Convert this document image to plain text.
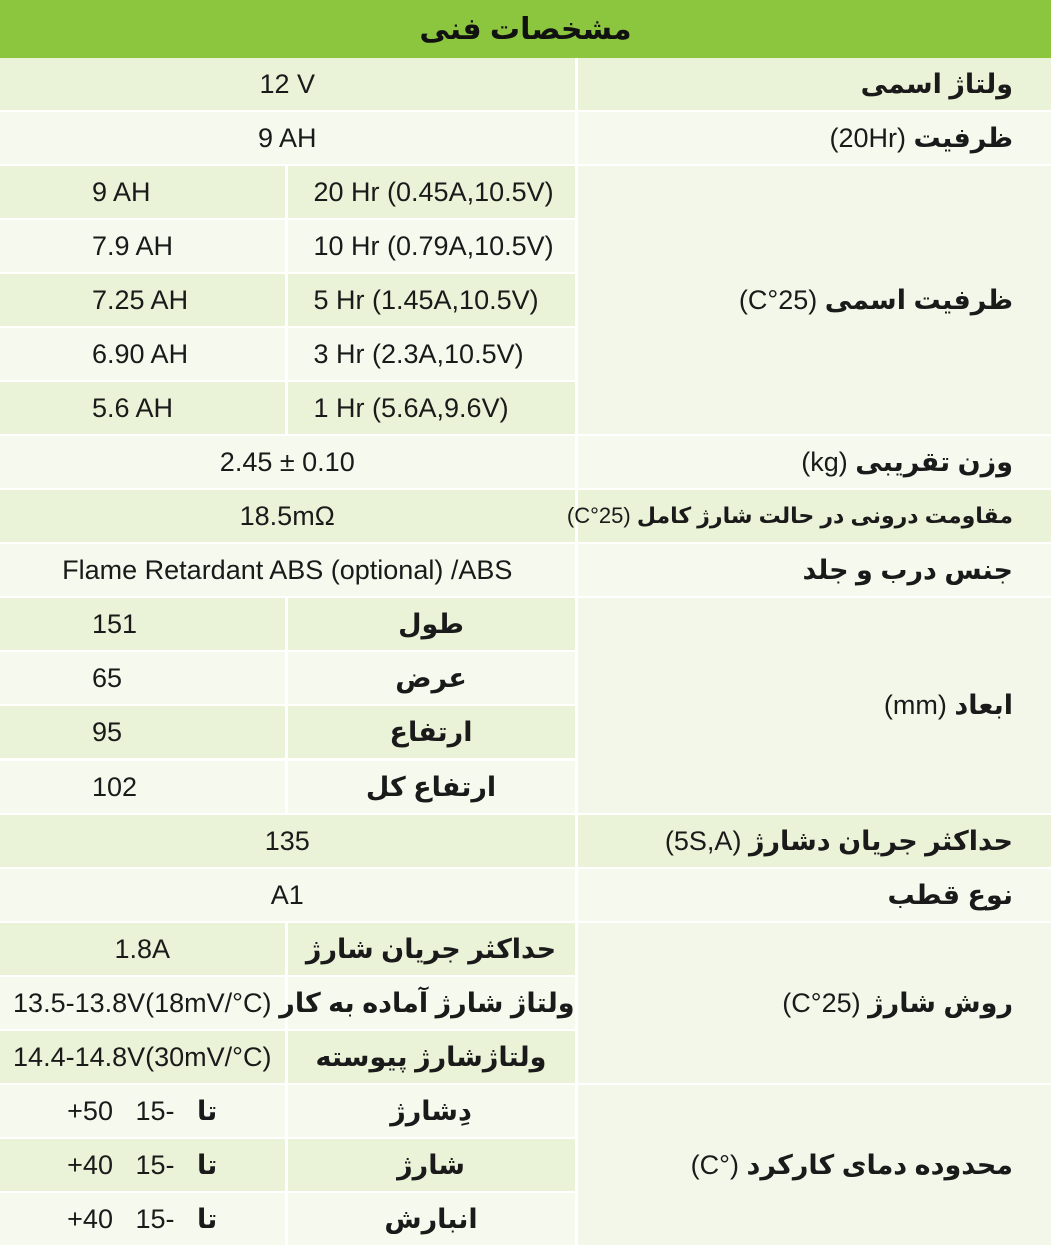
مشخصات فنی
12 V		ولتاژ اسمی
9 AH		ظرفیت (20Hr)
9 AH	20 Hr (0.45A,10.5V)	ظرفیت اسمی (25°C)
7.9 AH	10 Hr (0.79A,10.5V)	
7.25 AH	5 Hr (1.45A,10.5V)	
6.90 AH	3 Hr (2.3A,10.5V)	
5.6 AH	1 Hr (5.6A,9.6V)	
2.45 ± 0.10		وزن تقریبی (kg)
18.5mΩ		مقاومت درونی در حالت شارژ کامل (25°C)
Flame Retardant ABS (optional) /ABS		جنس درب و جلد
151	طول	ابعاد (mm)
65	عرض	
95	ارتفاع	
102	ارتفاع کل	
135		حداکثر جریان دشارژ (5S,A)
A1		نوع قطب
1.8A	حداکثر جریان شارژ	روش شارژ (25°C)
13.5-13.8V(18mV/°C)	ولتاژ شارژ آماده به کار	
14.4-14.8V(30mV/°C)	ولتاژشارژ پیوسته	
+50 تا   -15	دِشارژ	محدوده دمای کارکرد (°C)
+40 تا   -15	شارژ	
+40 تا   -15	انبارش	
